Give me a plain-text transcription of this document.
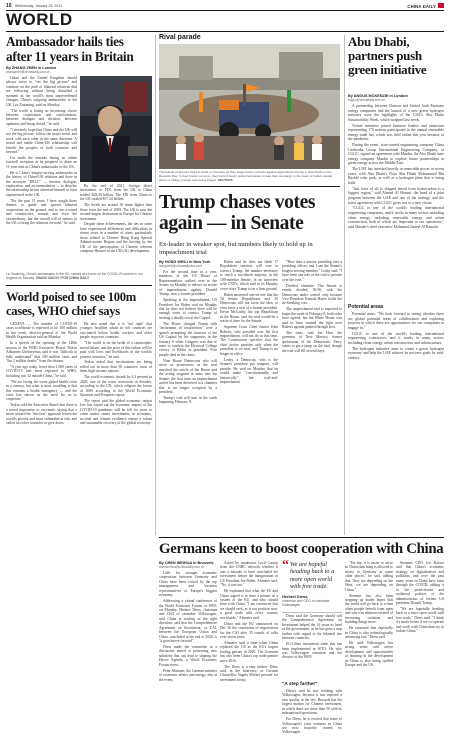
10 Wednesday, January 25, 2012	CHINA DAILY
WORLD
Ambassador hails ties after 11 years in Britain
By ZHANG ZHEN in London
zhangzhen@chinadaily.com.cn

China and the United Kingdom should always strive to "see the big picture" and continue on the path of bilateral relations that are following without being disturbed a moment in the world's most unprecedented changes, China's outgoing ambassador to the UK, Liu Xiaoming, said on Monday.

"The world is facing an increasing choice between cooperation and confrontation, between dialogue and division, between openness and being closed," he said.

"I sincerely hope that China and the UK will see the big picture, follow the major trend, and work with each other in the same direction. A sound and stable China-UK relationship will benefit the peoples of both countries and beyond."

Liu made the remarks during an online farewell reception as he prepared to share an 11-year stint as China's ambassador to the UK.

He is China's longest-serving ambassador in the history of China-UK relations and three in the acronym "DELC" — interest, dialogue, exploration, and accommodation — to describe the relationship he has observed himself to have experienced in the UK.

"For the past 11 years, I have sought these themes to guide and spread bilateral cooperation on the ground, and to see a sound and constructive, mutual and even the extraordinary, but the overall will of seniors in the UK to bring the relations forward," he said.

By the end of 2021, foreign direct investment, or FDI, from the UK to China totaled $28.39 billion. The FDI from China to the UK totaled $57.24 billion.

The levels are around 30 times higher than those from the end of 2009. The UK is now the second-largest destination in Europe for Chinese investment.

Despite these achievements, the ties in some have experienced differences and difficulties in recent years in a number of areas, particularly those related to Chinese Hong Kong Special Administrative Region and the hosting by the UK of the participation of Chinese telecom company Huawei in the UK's 5G development.

Liu Xiaoming, China's ambassador to the UK, speaks at a forum on the COVID-19 vaccine in Los Angeles on Monday. ZHANG XIAOYI / FOR CHINA DAILY
World poised to see 100m cases, WHO chief says

GENEVA — The number of COVID-19 cases worldwide is expected to hit 100 million in the week, director-general of the World Health Organization said on Monday.

In a speech at the opening of the 148th session of the WHO Executive Board, Tedros Adhanom Ghebreyesus said it was "difficult to fully understand" that 100 million cases and "the 2 million deaths" from the disease.

"A year ago today, fewer than 1,000 cases of COVID-19 had been reported to WHO, including just 12 outside China," he said.

"We are facing the worst global health crisis in a century, but what is most troubling is that this remains a health emergency — and the virus has shown us the need for us to cooperate."

Tedros told the Executive Board that there is a moral imperative to vaccinate, saying that a move toward the "me-first" approach leaves the world's poorest and most vulnerable at risk, and called on richer countries to give doses.

He also noted that it is "not right" that younger, healthier adults in rich countries are vaccinated before health workers and older people in poorer countries.

"The world is on the brink of a catastrophic moral failure, and the price of this failure will be paid with lives and livelihoods in the world's poorest countries," he said.

Tedros noted that vaccinations are being rolled out in more than 50 countries, most of them high-income nations.

The world economic shrank by 4.3 percent in 2020, one of the worst recessions in decades, according to the UN, which eclipses the losses of 2009 according to the World Economic Situation and Prospects report.

The report said the global economic output loss has wiped out the economic impact of the COVID-19 pandemic will be felt for years to come unless smart investments in economic, societal and climate resilience ensure a robust and sustainable recovery of the global economy.

Rival parade
Thousands of farmers head to Delhi on Tuesday as they stage tractor protests against agricultural reforms in New Delhi on the Republic Day. In their tractor convoys, they burst through police barricades to take their campaign to the heart of India's capital, where a military parade was being staged. REUTERS
Trump chases votes again — in Senate
Ex-leader in weaker spot, but numbers likely to hold up in impeachment trial
By HONG WEILI in New York
hongweili@chinadailyusa.com

For the second time in a year, members of the US House of Representatives walked over to the Senate on Monday to deliver an article of impeachment against Donald Trump, now a former president.

Speaking at the impeachment, US President Joe Biden said on Monday that he does not believe there will be enough votes to convict Trump of inciting a deadly riot at the Capitol.

The House charged Trump with "incitement of insurrection" over a speech prompting the invasion of the US Capitol by his supporters in the January 6 when Congress was due to meet to confirm the Electoral College victory of Biden as president. Five people died in the chaos.

Nine House Democrats who will serve as prosecutors at the trial marched the article of the House and the acting sergeant at arms into the Senate, the first time an impeachment article has been delivered to a chamber that is no longer occupied by a president.

Trump's trial will start in the week beginning February 8.

Biden said he does not think 17 Republican senators will vote to convict Trump, the number necessary to reach a two-thirds majority in the 100-member Senate, in an interview with CNN's, which said in its Monday cover story Trump is on a firm ground.

Biden answered one-on-one that the 50 Senate Republicans and 50 Democrats will not favor the idea, or even favor a trial of a former president. Kevin McCarthy, the top Republican in the House, said the trial would be a waste of time for the Senate.

Supreme Court Chief Justice John Roberts, who presided over the first impeachment, will not do so this time. The Constitution specifies that the chief justice presides only when the president is on trial, and Trump is no longer in office.

Leahy, a Democrat, who is the Senate's president pro tempore, will preside. He said on Monday that he would make "constitutionally and historically" fair trial-and-impeachment.

"How does a senator presiding over a presiding officer, and I am the Senate's longest-serving member," Leahy said. "I have been one role of the trial to preside over the vote."

Divided chamber: The Senate is evenly divided, 50-50, with the Democrats under control only because Vice-President Kamala Harris holds the tie-breaking vote.

The impeachment trial is expected to begin the week of February 8, both sides have agreed, but the White House was said to have wanted the fight over Biden's agenda pushed through first.

The issue, said Jon Hurt, the governor of New Mexico, former spokesman of the Democratic Party, wants to get a jump on the trial, though the trial will fill several days.

Abu Dhabi, partners push green initiative
By ANGUS MCKENZIE in London
angus@chinadaily.com.cn

A partnership between Chinese and United Arab Emirates energy companies and the launch of a new green hydrogen initiative were the highlights of the UAE's Abu Dhabi Sustainability Week, which wrapped last week.

Virtual ministers joined business leaders and emissions representing 170 nations participated in the annual renewable energy trade fair, which was held online this year because of the pandemic.

During the event, state-owned engineering company China Gezhouba Group International Engineering Company, or CGGC, signed an agreement with Masdar, the Abu Dhabi state energy company Masdar to explore future partnerships in green energy across the Middle East.

The UAE has invested heavily in renewable power in recent years, with Abu Dhabi's Noor Abu Dhabi Mohammed Bin Rashid solar park, as well as a hydrogen plant that is being built.

"Just have of all is shipped ahead from hydrocarbon is a biggest region," said Ahmed Al Hosani, the head of a joint program between the UAE and one of the strategy, and the latest agreement with CGGC gives rise to a new vision.

"CGGC is one of the world's leading international engineering companies, and it works in many sectors including clean energy, including renewable energy and urban construction, both of which are important to our operations," said Masdar's chief executive Mohamed Jameel Al Ramahi.

Potential areas

Potential areas: "We look forward to seeing whether there are global potential areas of collaboration and exploring projects in which there are opportunities for our companies to engage in."

CGGC is one of the world's leading international engineering contractors, and it works in many sectors including clean energy, urban construction, and infrastructure.

The hydrogen initiative aims to create a green hydrogen economy and help the UAE achieve its net-zero goals by mid-century.

Germans keen to boost cooperation with China
By CHEN WEIHUA in Brussels
chenweihua@chinadaily.com.cn

Calls for stronger economic cooperation between Germany and China have been voiced by the top management and business representatives of Europe's biggest economy.

Addressing a virtual conference of the World Economic Forum, or WEF, on Monday, Herbert Diess, chairman and CEO of carmaker Volkswagen, said China is starting as the right direction, said that the Comprehensive Agreement on Investment, or CAI, between the European Union and China, concluded at the end of 2020, is "a good move forward".

Diess made the comments in a discussion aimed at presenting new solutions that can lead to shaping the Davos Agenda, a World Economic Forum event.

Peter Altmaier, the German minister of economic affairs and energy, also at the event.

Asked by moderator Cecil Carson from the CNBC network whether it was a mistake to have concluded the investment before the inauguration of US President Joe Biden, Altmaier said, "No, it was not."

He explained that what the EU and China signed is to have a partner as a system of the EU, and who should have with China. "I am convinced that we should seek, as is our position now, a good trade with every country worldwide," Altmaier said.

China and the EU announced on Dec 30 the conclusion of negotiations for the CAI after 35 rounds of talks over seven years.

Altmaier said a time when China replaced the US as the EU's largest trading partner in 2020. The Germans has also been China's top trade partner since 2016.

The Diess is a step farther: Diess said, in the Interview, as German Chancellor Angela Merkel pressed for investment treaty.

“ We are hopeful heading back to a more open world with free trade.
Herbert Diess,
chairman and CEO of carmaker Volkswagen

Diess said the Germany should call the Comprehensive Agreement on Investment helped the 16 years as head of the government, as he has gone a step farther with regard to the bilateral ties between countries.

EU-China investment trade that has been implemented in WTO, He who was Volkswagen chairman and the director of the WEF.

"A step farther"

Diess's said he was working with Volkswagen, because it has injected a new quality in the ties. Brussels has the largest market for Chinese investment, in which there are more than 50 with its international operations.

For Diess, he is excited that some of Volkswagen's joint ventures in China are now majority owned by Volkswagen.

"For me, it is easier to serve in China than Ising is allowed to invest in Germany at some other places," he said, adding that "they are depending on the West, we are depending on China."

Siemens has also been stepping up leader hopes that the world will go back to a time when people benefit from open and win-win relations instead of increasing isolation and building things more.

He reasoned that especially in China is also technologically advancing fast," Diess said.

He said Volkswagen has strong sense and active development and opportunities of learning in the development in China is also being spelled Europe and the US.

Siemens CEO Joe Kaeser said that China's economic strategy on digitalization and pollution, and over the past many years in China have been through the COVID, adding it to the protectionist and unilateral policies of the administration of former US president Donald Trump.

"We are hopefully heading back to a more open world with free trade," Diess said. "I think it's much better if we co-operate and work with China than try to isolate China."
